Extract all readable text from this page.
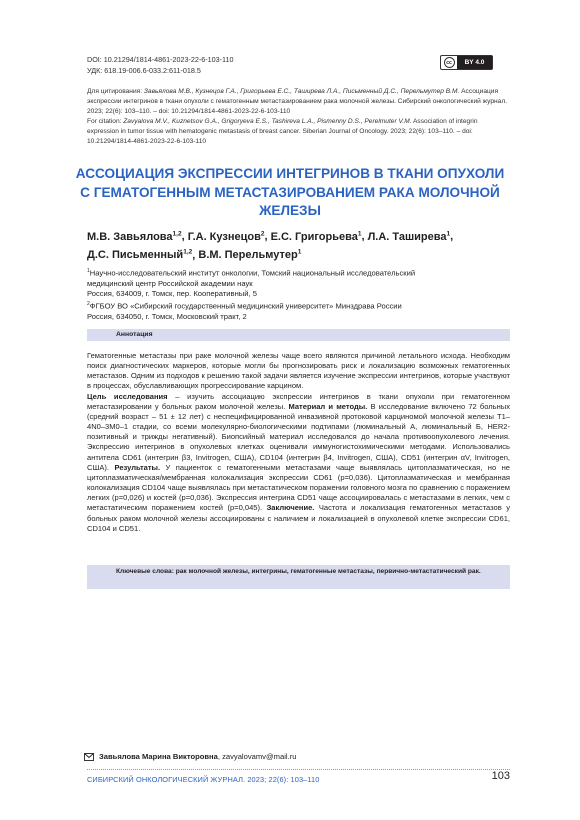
DOI: 10.21294/1814-4861-2023-22-6-103-110
УДК: 618.19-006.6-033.2:611-018.5
cc	BY 4.0
Для цитирования: Завьялова М.В., Кузнецов Г.А., Григорьева Е.С., Таширева Л.А., Письменный Д.С., Перельмутер В.М. Ассоциация экспрессии интегринов в ткани опухоли с гематогенным метастазированием рака молочной железы. Сибирский онкологический журнал. 2023; 22(6): 103–110. – doi: 10.21294/1814-4861-2023-22-6-103-110
For citation: Zavyalova M.V., Kuznetsov G.A., Grigoryeva E.S., Tashireva L.A., Pismenny D.S., Perelmuter V.M. Association of integrin expression in tumor tissue with hematogenic metastasis of breast cancer. Siberian Journal of Oncology. 2023; 22(6): 103–110. – doi: 10.21294/1814-4861-2023-22-6-103-110
АССОЦИАЦИЯ ЭКСПРЕССИИ ИНТЕГРИНОВ В ТКАНИ ОПУХОЛИ С ГЕМАТОГЕННЫМ МЕТАСТАЗИРОВАНИЕМ РАКА МОЛОЧНОЙ ЖЕЛЕЗЫ
М.В. Завьялова$^{1,2}$, Г.А. Кузнецов$^2$, Е.С. Григорьева$^1$, Л.А. Таширева$^1$,
Д.С. Письменный$^{1,2}$, В.М. Перельмутер$^1$
$^1$Научно-исследовательский институт онкологии, Томский национальный исследовательский
медицинский центр Российской академии наук
Россия, 634009, г. Томск, пер. Кооперативный, 5
$^2$ФГБОУ ВО «Сибирский государственный медицинский университет» Минздрава России
Россия, 634050, г. Томск, Московский тракт, 2
Аннотация

Гематогенные метастазы при раке молочной железы чаще всего являются причиной летального исхода. Необходим поиск диагностических маркеров, которые могли бы прогнозировать риск и локализацию возможных гематогенных метастазов. Одним из подходов к решению такой задачи является изучение экспрессии интегринов, которые участвуют в процессах, обуславливающих прогрессирование карцином.

Цель исследования – изучить ассоциацию экспрессии интегринов в ткани опухоли при гематогенном метастазировании у больных раком молочной железы. Материал и методы. В исследование включено 72 больных (средний возраст – 51 ± 12 лет) с неспецифицированной инвазивной протоковой карциномой молочной железы T1–4N0–3M0–1 стадии, со всеми молекулярно-биологическими подтипами (люминальный А, люминальный Б, HER2-позитивный и трижды негативный). Биопсийный материал исследовался до начала противоопухолевого лечения. Экспрессию интегринов в опухолевых клетках оценивали иммуногистохимическими методами. Использовались антитела CD61 (интегрин β3, Invitrogen, США), CD104 (интегрин β4, Invitrogen, США), CD51 (интегрин αV, Invitrogen, США). Результаты. У пациенток с гематогенными метастазами чаще выявлялась цитоплазматическая, но не цитоплазматическая/мембранная колокализация экспрессии CD61 (р=0,036). Цитоплазматическая и мембранная колокализация CD104 чаще выявлялась при метастатическом поражении головного мозга по сравнению с поражением легких (р=0,026) и костей (р=0,036). Экспрессия интегрина CD51 чаще ассоциировалась с метастазами в легких, чем с метастатическим поражением костей (р=0,045). Заключение. Частота и локализация гематогенных метастазов у больных раком молочной железы ассоциированы с наличием и локализацией в опухолевой клетке экспрессии CD61, CD104 и CD51.

Ключевые слова: рак молочной железы, интегрины, гематогенные метастазы, первично-метастатический рак.
Завьялова Марина Викторовна , zavyalovamv@mail.ru
СИБИРСКИЙ ОНКОЛОГИЧЕСКИЙ ЖУРНАЛ. 2023; 22(6): 103–110	103
